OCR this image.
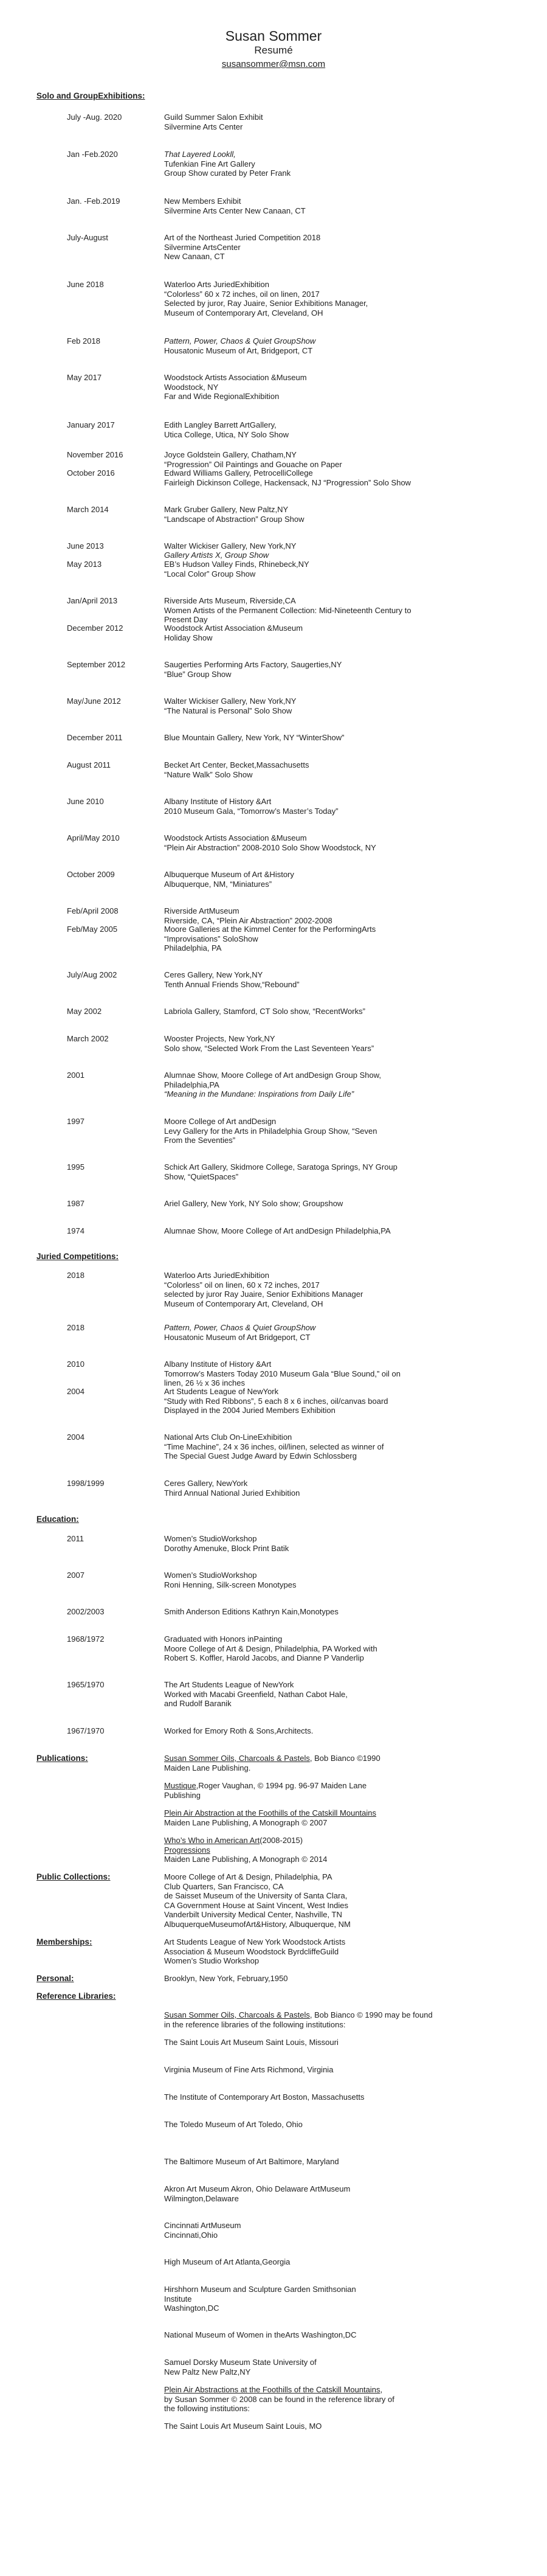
Susan Sommer
Resumé
susansommer@msn.com
Solo and GroupExhibitions:
July -Aug. 2020	Guild Summer Salon Exhibit
Silvermine Arts Center
Jan -Feb.2020	That Layered Lookll,
Tufenkian Fine Art Gallery
Group Show curated by Peter Frank
Jan. -Feb.2019	New Members Exhibit
Silvermine Arts Center New Canaan, CT
July-August	Art of the Northeast Juried Competition 2018
Silvermine ArtsCenter
New Canaan, CT
June 2018	Waterloo Arts JuriedExhibition
“Colorless” 60 x 72 inches, oil on linen, 2017
Selected by juror, Ray Juaire, Senior Exhibitions Manager,
Museum of Contemporary Art, Cleveland, OH
Feb 2018	Pattern, Power, Chaos & Quiet GroupShow
Housatonic Museum of Art, Bridgeport, CT
May 2017	Woodstock Artists Association &Museum
Woodstock, NY
Far and Wide RegionalExhibition
January 2017	Edith Langley Barrett ArtGallery,
Utica College, Utica, NY Solo Show
November 2016	Joyce Goldstein Gallery, Chatham,NY
“Progression” Oil Paintings and Gouache on Paper
October 2016	Edward Williams Gallery, PetrocelliCollege
Fairleigh Dickinson College, Hackensack, NJ “Progression” Solo Show
March 2014	Mark Gruber Gallery, New Paltz,NY
“Landscape of Abstraction” Group Show
June 2013	Walter Wickiser Gallery, New York,NY
Gallery Artists X, Group Show
May 2013	EB’s Hudson Valley Finds, Rhinebeck,NY
“Local Color” Group Show
Jan/April 2013	Riverside Arts Museum, Riverside,CA
Women Artists of the Permanent Collection: Mid-Nineteenth Century to
Present Day
December 2012	Woodstock Artist Association &Museum
Holiday Show
September 2012	Saugerties Performing Arts Factory, Saugerties,NY
“Blue” Group Show
May/June 2012	Walter Wickiser Gallery, New York,NY
“The Natural is Personal” Solo Show
December 2011	Blue Mountain Gallery, New York, NY “WinterShow”
August 2011	Becket Art Center, Becket,Massachusetts
“Nature Walk” Solo Show
June 2010	Albany Institute of History &Art
2010 Museum Gala, “Tomorrow’s Master’s Today”
April/May 2010	Woodstock Artists Association &Museum
“Plein Air Abstraction” 2008-2010 Solo Show Woodstock, NY
October 2009	Albuquerque Museum of Art &History
Albuquerque, NM, “Miniatures”
Feb/April 2008	Riverside ArtMuseum
Riverside, CA, “Plein Air Abstraction” 2002-2008
Feb/May 2005	Moore Galleries at the Kimmel Center for the PerformingArts
“Improvisations” SoloShow
Philadelphia, PA
July/Aug 2002	Ceres Gallery, New York,NY
Tenth Annual Friends Show,“Rebound”
May 2002	Labriola Gallery, Stamford, CT Solo show, “RecentWorks”
March 2002	Wooster Projects, New York,NY
Solo show, “Selected Work From the Last Seventeen Years”
2001	Alumnae Show, Moore College of Art andDesign Group Show,
Philadelphia,PA
“Meaning in the Mundane: Inspirations from Daily Life”
1997	Moore College of Art andDesign
Levy Gallery for the Arts in Philadelphia Group Show, “Seven
From the Seventies”
1995	Schick Art Gallery, Skidmore College, Saratoga Springs, NY Group
Show, “QuietSpaces”
1987	Ariel Gallery, New York, NY Solo show; Groupshow
1974	Alumnae Show, Moore College of Art andDesign Philadelphia,PA
Juried Competitions:
2018	Waterloo Arts JuriedExhibition
“Colorless” oil on linen, 60 x 72 inches, 2017
selected by juror Ray Juaire, Senior Exhibitions Manager
Museum of Contemporary Art, Cleveland, OH
2018	Pattern, Power, Chaos & Quiet GroupShow
Housatonic Museum of Art Bridgeport, CT
2010	Albany Institute of History &Art
Tomorrow’s Masters Today 2010 Museum Gala “Blue Sound,” oil on
linen, 26 ½ x 36 inches
2004	Art Students League of NewYork
“Study with Red Ribbons”, 5 each 8 x 6 inches, oil/canvas board
Displayed in the 2004 Juried Members Exhibition
2004	National Arts Club On-LineExhibition
“Time Machine”, 24 x 36 inches, oil/linen, selected as winner of
The Special Guest Judge Award by Edwin Schlossberg
1998/1999	Ceres Gallery, NewYork
Third Annual National Juried Exhibition
Education:
2011	Women’s StudioWorkshop
Dorothy Amenuke, Block Print Batik
2007	Women’s StudioWorkshop
Roni Henning, Silk-screen Monotypes
2002/2003	Smith Anderson Editions Kathryn Kain,Monotypes
1968/1972	Graduated with Honors inPainting
Moore College of Art & Design, Philadelphia, PA Worked with
Robert S. Koffler, Harold Jacobs, and Dianne P Vanderlip
1965/1970	The Art Students League of NewYork
Worked with Macabi Greenfield, Nathan Cabot Hale,
and Rudolf Baranik
1967/1970	Worked for Emory Roth & Sons,Architects.
Publications:	Susan Sommer Oils, Charcoals & Pastels, Bob Bianco ©1990
Maiden Lane Publishing.
Mustique,Roger Vaughan, © 1994 pg. 96-97 Maiden Lane
Publishing
Plein Air Abstraction at the Foothills of the Catskill Mountains
Maiden Lane Publishing, A Monograph © 2007
Who’s Who in American Art(2008-2015)
Progressions
Maiden Lane Publishing, A Monograph © 2014
Public Collections:	Moore College of Art & Design, Philadelphia, PA
Club Quarters, San Francisco, CA
de Saisset Museum of the University of Santa Clara,
CA Government House at Saint Vincent, West Indies
Vanderbilt University Medical Center, Nashville, TN
AlbuquerqueMuseumofArt&History, Albuquerque, NM
Memberships:	Art Students League of New York Woodstock Artists
Association & Museum Woodstock ByrdcliffeGuild
Women’s Studio Workshop
Personal:	Brooklyn, New York, February,1950
Reference Libraries:
Susan Sommer Oils, Charcoals & Pastels, Bob Bianco © 1990 may be found
in the reference libraries of the following institutions:
The Saint Louis Art Museum Saint Louis, Missouri
Virginia Museum of Fine Arts Richmond, Virginia
The Institute of Contemporary Art Boston, Massachusetts
The Toledo Museum of Art Toledo, Ohio
The Baltimore Museum of Art Baltimore, Maryland
Akron Art Museum Akron, Ohio Delaware ArtMuseum
Wilmington,Delaware
Cincinnati ArtMuseum
Cincinnati,Ohio
High Museum of Art Atlanta,Georgia
Hirshhorn Museum and Sculpture Garden Smithsonian
Institute
Washington,DC
National Museum of Women in theArts Washington,DC
Samuel Dorsky Museum State University of
New Paltz New Paltz,NY
Plein Air Abstractions at the Foothills of the Catskill Mountains,
by Susan Sommer © 2008 can be found in the reference library of
the following institutions:
The Saint Louis Art Museum Saint Louis, MO
